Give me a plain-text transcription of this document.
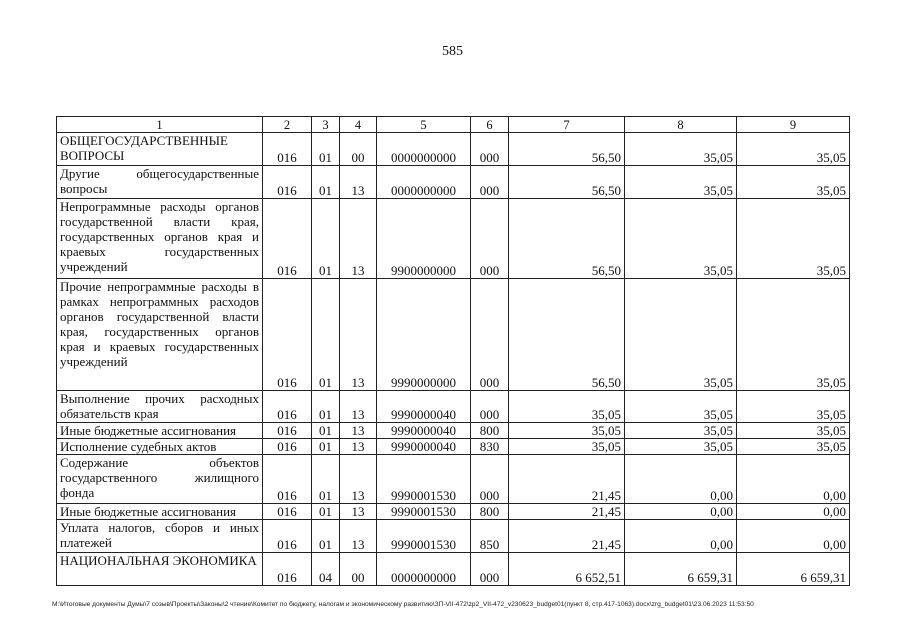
585
1	2	3	4	5	6	7	8	9
ОБЩЕГОСУДАРСТВЕННЫЕ ВОПРОСЫ	016	01	00	0000000000	000	56,50	35,05	35,05
Другие общегосударственные вопросы	016	01	13	0000000000	000	56,50	35,05	35,05
Непрограммные расходы органов государственной власти края, государственных органов края и краевых государственных учреждений	016	01	13	9900000000	000	56,50	35,05	35,05
Прочие непрограммные расходы в рамках непрограммных расходов органов государственной власти края, государственных органов края и краевых государственных учреждений	016	01	13	9990000000	000	56,50	35,05	35,05
Выполнение прочих расходных обязательств края	016	01	13	9990000040	000	35,05	35,05	35,05
Иные бюджетные ассигнования	016	01	13	9990000040	800	35,05	35,05	35,05
Исполнение судебных актов	016	01	13	9990000040	830	35,05	35,05	35,05
Содержание объектов государственного жилищного фонда	016	01	13	9990001530	000	21,45	0,00	0,00
Иные бюджетные ассигнования	016	01	13	9990001530	800	21,45	0,00	0,00
Уплата налогов, сборов и иных платежей	016	01	13	9990001530	850	21,45	0,00	0,00
НАЦИОНАЛЬНАЯ ЭКОНОМИКА	016	04	00	0000000000	000	6 652,51	6 659,31	6 659,31
M:\Итоговые документы Думы\7 созыв\Проекты\Законы\2 чтение\Комитет по бюджету, налогам и экономическому развитию\ЗП-VII-472\zp2_VII-472_v230623_budget01(пункт 8, стр.417-1063).docx\zrg_budget01\23.06.2023 11:53:50
